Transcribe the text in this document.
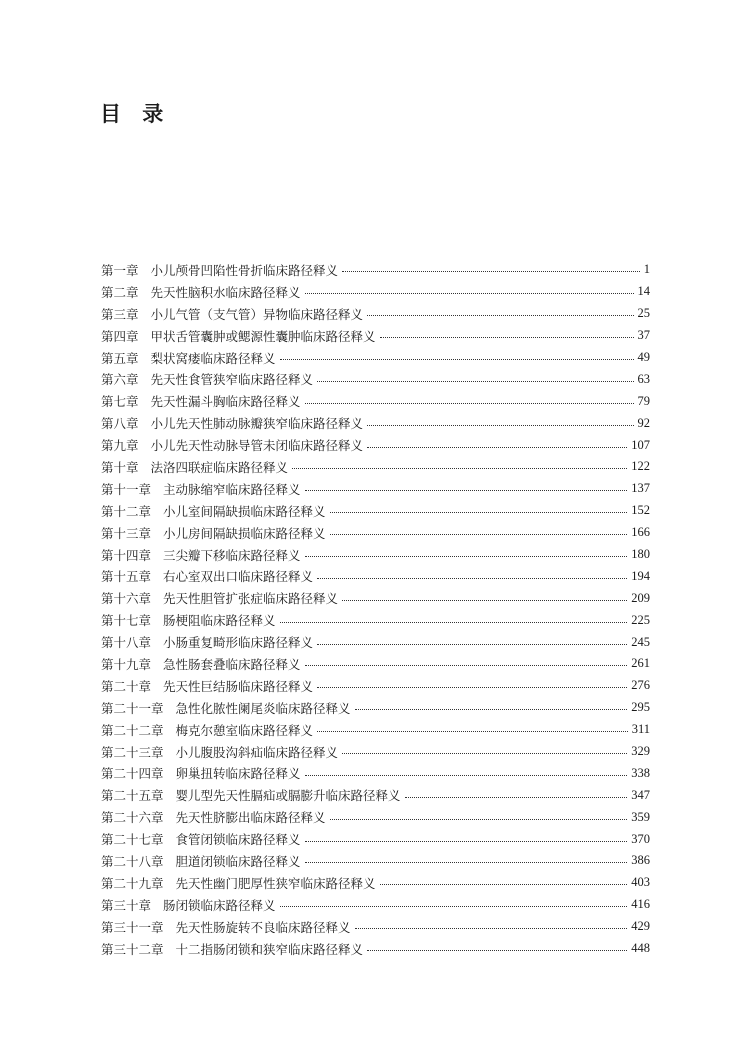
目 录
第一章 小儿颅骨凹陷性骨折临床路径释义	1
第二章 先天性脑积水临床路径释义	14
第三章 小儿气管（支气管）异物临床路径释义	25
第四章 甲状舌管囊肿或鳃源性囊肿临床路径释义	37
第五章 梨状窝瘘临床路径释义	49
第六章 先天性食管狭窄临床路径释义	63
第七章 先天性漏斗胸临床路径释义	79
第八章 小儿先天性肺动脉瓣狭窄临床路径释义	92
第九章 小儿先天性动脉导管未闭临床路径释义	107
第十章 法洛四联症临床路径释义	122
第十一章 主动脉缩窄临床路径释义	137
第十二章 小儿室间隔缺损临床路径释义	152
第十三章 小儿房间隔缺损临床路径释义	166
第十四章 三尖瓣下移临床路径释义	180
第十五章 右心室双出口临床路径释义	194
第十六章 先天性胆管扩张症临床路径释义	209
第十七章 肠梗阻临床路径释义	225
第十八章 小肠重复畸形临床路径释义	245
第十九章 急性肠套叠临床路径释义	261
第二十章 先天性巨结肠临床路径释义	276
第二十一章 急性化脓性阑尾炎临床路径释义	295
第二十二章 梅克尔憩室临床路径释义	311
第二十三章 小儿腹股沟斜疝临床路径释义	329
第二十四章 卵巢扭转临床路径释义	338
第二十五章 婴儿型先天性膈疝或膈膨升临床路径释义	347
第二十六章 先天性脐膨出临床路径释义	359
第二十七章 食管闭锁临床路径释义	370
第二十八章 胆道闭锁临床路径释义	386
第二十九章 先天性幽门肥厚性狭窄临床路径释义	403
第三十章 肠闭锁临床路径释义	416
第三十一章 先天性肠旋转不良临床路径释义	429
第三十二章 十二指肠闭锁和狭窄临床路径释义	448
